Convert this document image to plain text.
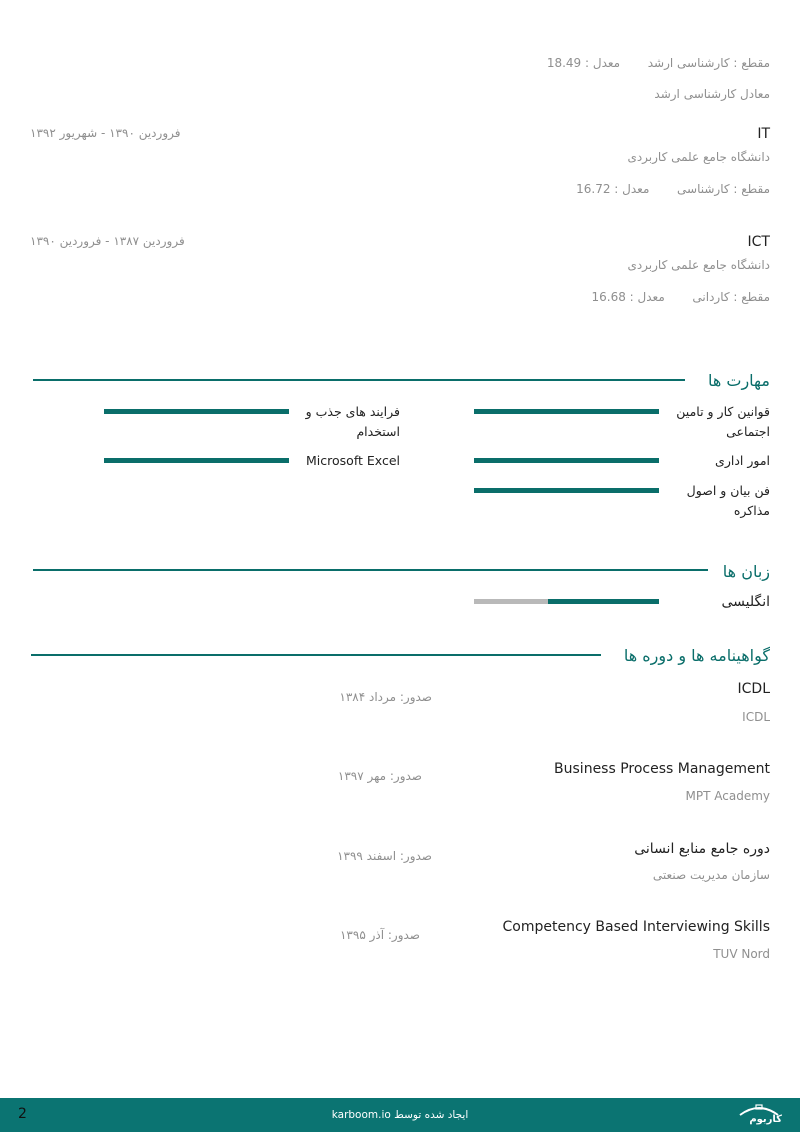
مقطع : کارشناسی ارشد  معدل : 18.49
معادل کارشناسی ارشد
IT
فروردین ۱۳۹۰ - شهریور ۱۳۹۲
دانشگاه جامع علمی کاربردی
مقطع : کارشناسی  معدل : 16.72
ICT
فروردین ۱۳۸۷ - فروردین ۱۳۹۰
دانشگاه جامع علمی کاربردی
مقطع : کاردانی  معدل : 16.68
مهارت ها
قوانین کار و تامین اجتماعی
فرایند های جذب و استخدام
امور اداری
Microsoft Excel
فن بیان و اصول مذاکره
زبان ها
انگلیسی
گواهینامه ها و دوره ها
ICDL
صدور: مرداد ۱۳۸۴
ICDL
Business Process Management
صدور: مهر ۱۳۹۷
MPT Academy
دوره جامع منابع انسانی
صدور: اسفند ۱۳۹۹
سازمان مدیریت صنعتی
Competency Based Interviewing Skills
صدور: آذر ۱۳۹۵
TUV Nord
2	ایجاد شده توسط karboom.io	کاربوم
